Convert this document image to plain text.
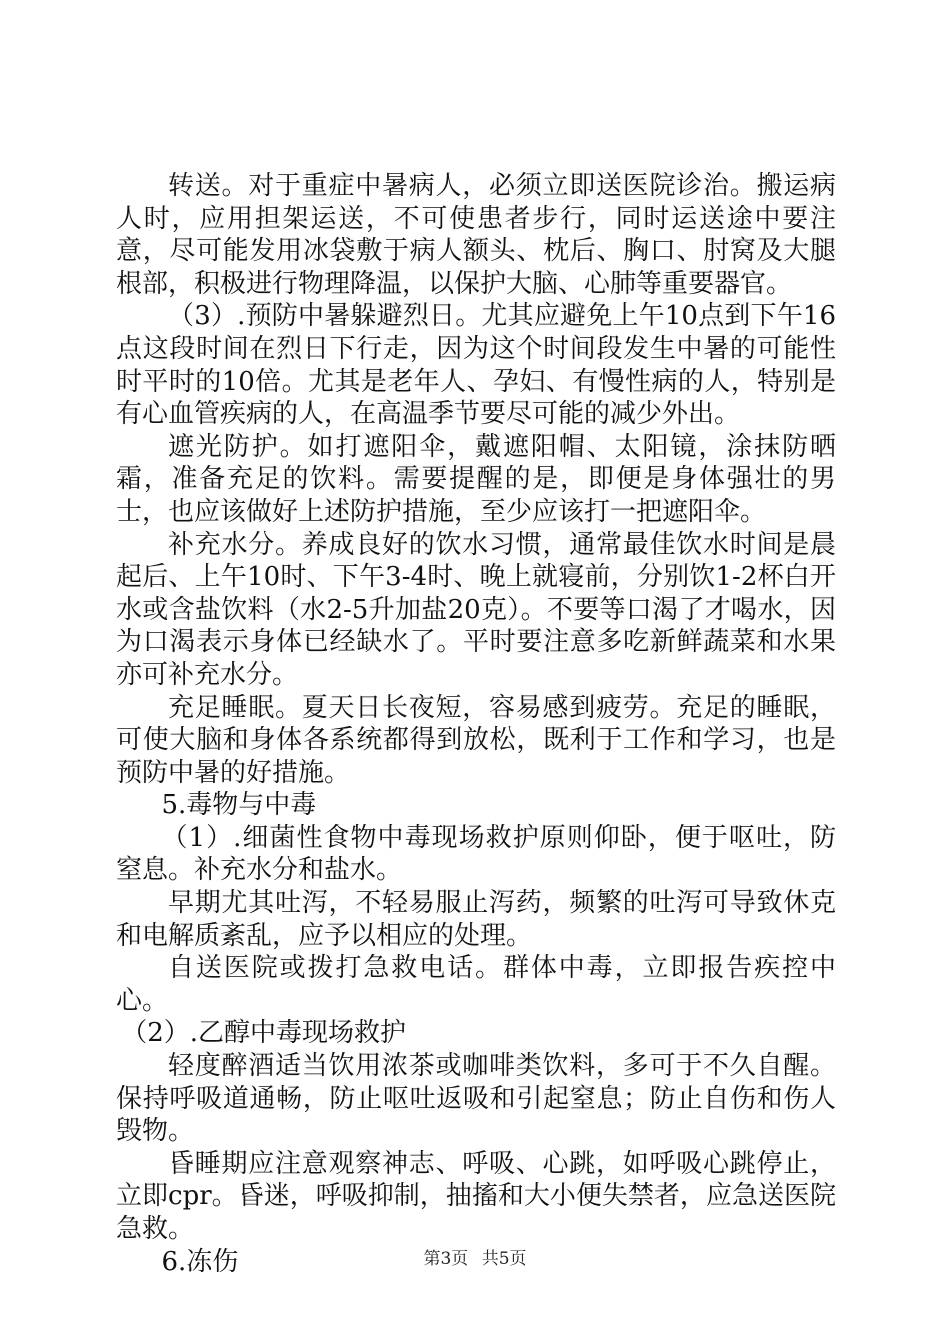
转送。对于重症中暑病人，必须立即送医院诊治。搬运病人时，应用担架运送，不可使患者步行，同时运送途中要注意，尽可能发用冰袋敷于病人额头、枕后、胸口、肘窝及大腿根部，积极进行物理降温，以保护大脑、心肺等重要器官。

（3）.预防中暑躲避烈日。尤其应避免上午10点到下午16点这段时间在烈日下行走，因为这个时间段发生中暑的可能性时平时的10倍。尤其是老年人、孕妇、有慢性病的人，特别是有心血管疾病的人，在高温季节要尽可能的减少外出。

遮光防护。如打遮阳伞，戴遮阳帽、太阳镜，涂抹防晒霜，准备充足的饮料。需要提醒的是，即便是身体强壮的男士，也应该做好上述防护措施，至少应该打一把遮阳伞。

补充水分。养成良好的饮水习惯，通常最佳饮水时间是晨起后、上午10时、下午3-4时、晚上就寝前，分别饮1-2杯白开水或含盐饮料（水2-5升加盐20克）。不要等口渴了才喝水，因为口渴表示身体已经缺水了。平时要注意多吃新鲜蔬菜和水果亦可补充水分。

充足睡眠。夏天日长夜短，容易感到疲劳。充足的睡眠，可使大脑和身体各系统都得到放松，既利于工作和学习，也是预防中暑的好措施。

5.毒物与中毒

（1）.细菌性食物中毒现场救护原则仰卧，便于呕吐，防窒息。补充水分和盐水。

早期尤其吐泻，不轻易服止泻药，频繁的吐泻可导致休克和电解质紊乱，应予以相应的处理。

自送医院或拨打急救电话。群体中毒，立即报告疾控中心。

（2）.乙醇中毒现场救护

轻度醉酒适当饮用浓茶或咖啡类饮料，多可于不久自醒。保持呼吸道通畅，防止呕吐返吸和引起窒息；防止自伤和伤人毁物。

昏睡期应注意观察神志、呼吸、心跳，如呼吸心跳停止，立即cpr。昏迷，呼吸抑制，抽搐和大小便失禁者，应急送医院急救。

6.冻伤	第3页 共5页
